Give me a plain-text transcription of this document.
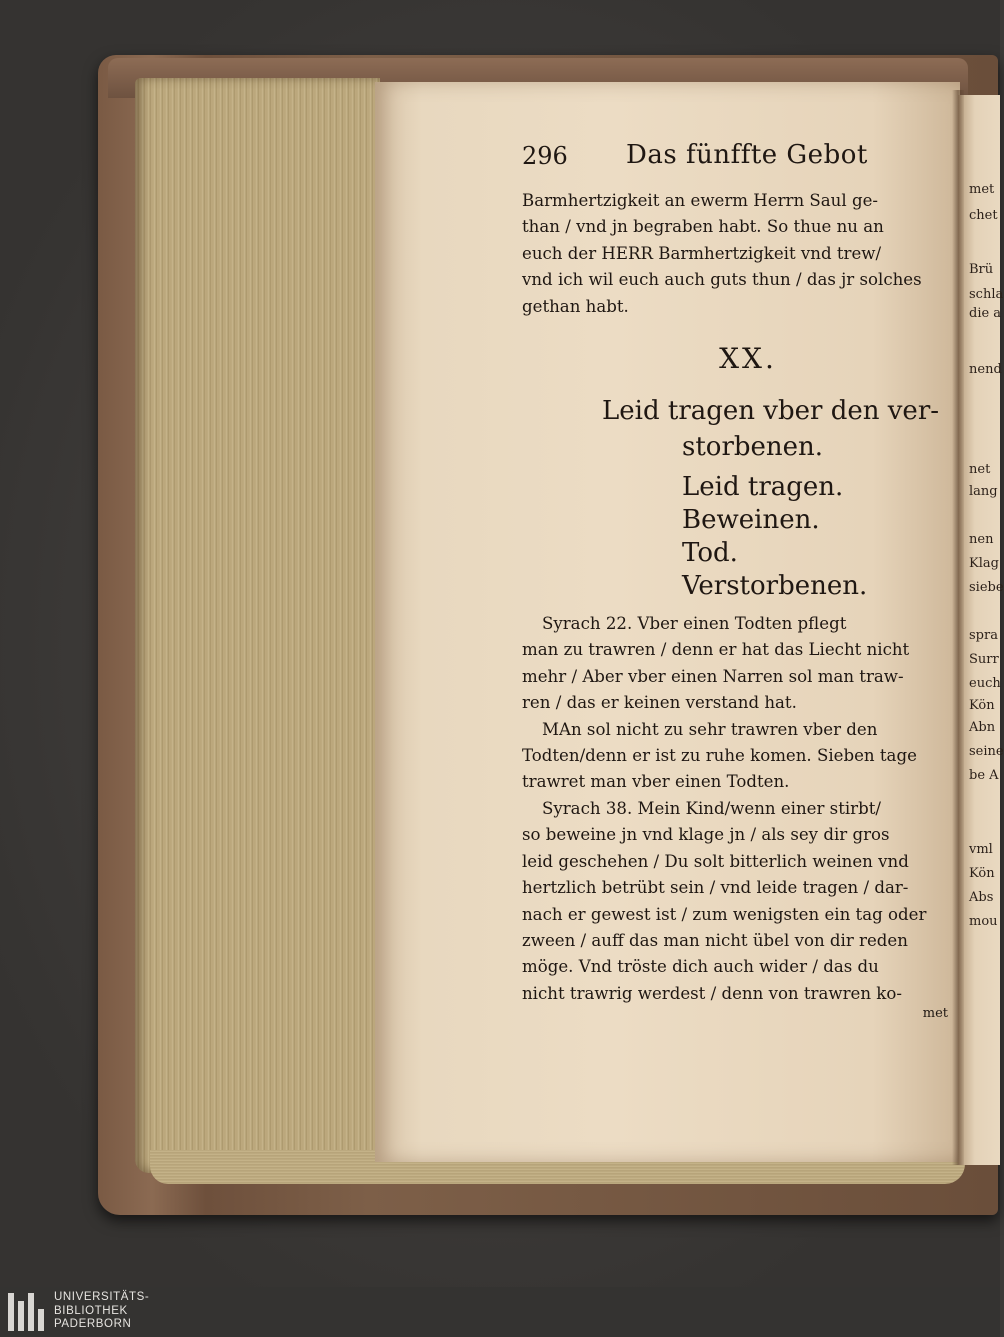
296 Das fünffte Gebot

Barmhertzigkeit an ewerm Herrn Saul ge-

than / vnd jn begraben habt. So thue nu an

euch der HERR Barmhertzigkeit vnd trew/

vnd ich wil euch auch guts thun / das jr solches

gethan habt.

XX.

Leid tragen vber den ver-
storbenen.

Leid tragen.
Beweinen.
Tod.
Verstorbenen.
Syrach 22. Vber einen Todten pflegt
man zu trawren / denn er hat das Liecht nicht
mehr / Aber vber einen Narren sol man traw-
ren / das er keinen verstand hat.
MAn sol nicht zu sehr trawren vber den
Todten/denn er ist zu ruhe komen. Sieben tage
trawret man vber einen Todten.
Syrach 38. Mein Kind/wenn einer stirbt/
so beweine jn vnd klage jn / als sey dir gros
leid geschehen / Du solt bitterlich weinen vnd
hertzlich betrübt sein / vnd leide tragen / dar-
nach er gewest ist / zum wenigsten ein tag oder
zween / auff das man nicht übel von dir reden
möge. Vnd tröste dich auch wider / das du
nicht trawrig werdest / denn von trawren ko-
met
met
chet
Brü
schla
die a
nend
net
lang
nen
Klag
siebe
spra
Surr
euch
Kön
Abn
seine
be A
vml
Kön
Abs
mou
UNIVERSITÄTS-
BIBLIOTHEK
PADERBORN
